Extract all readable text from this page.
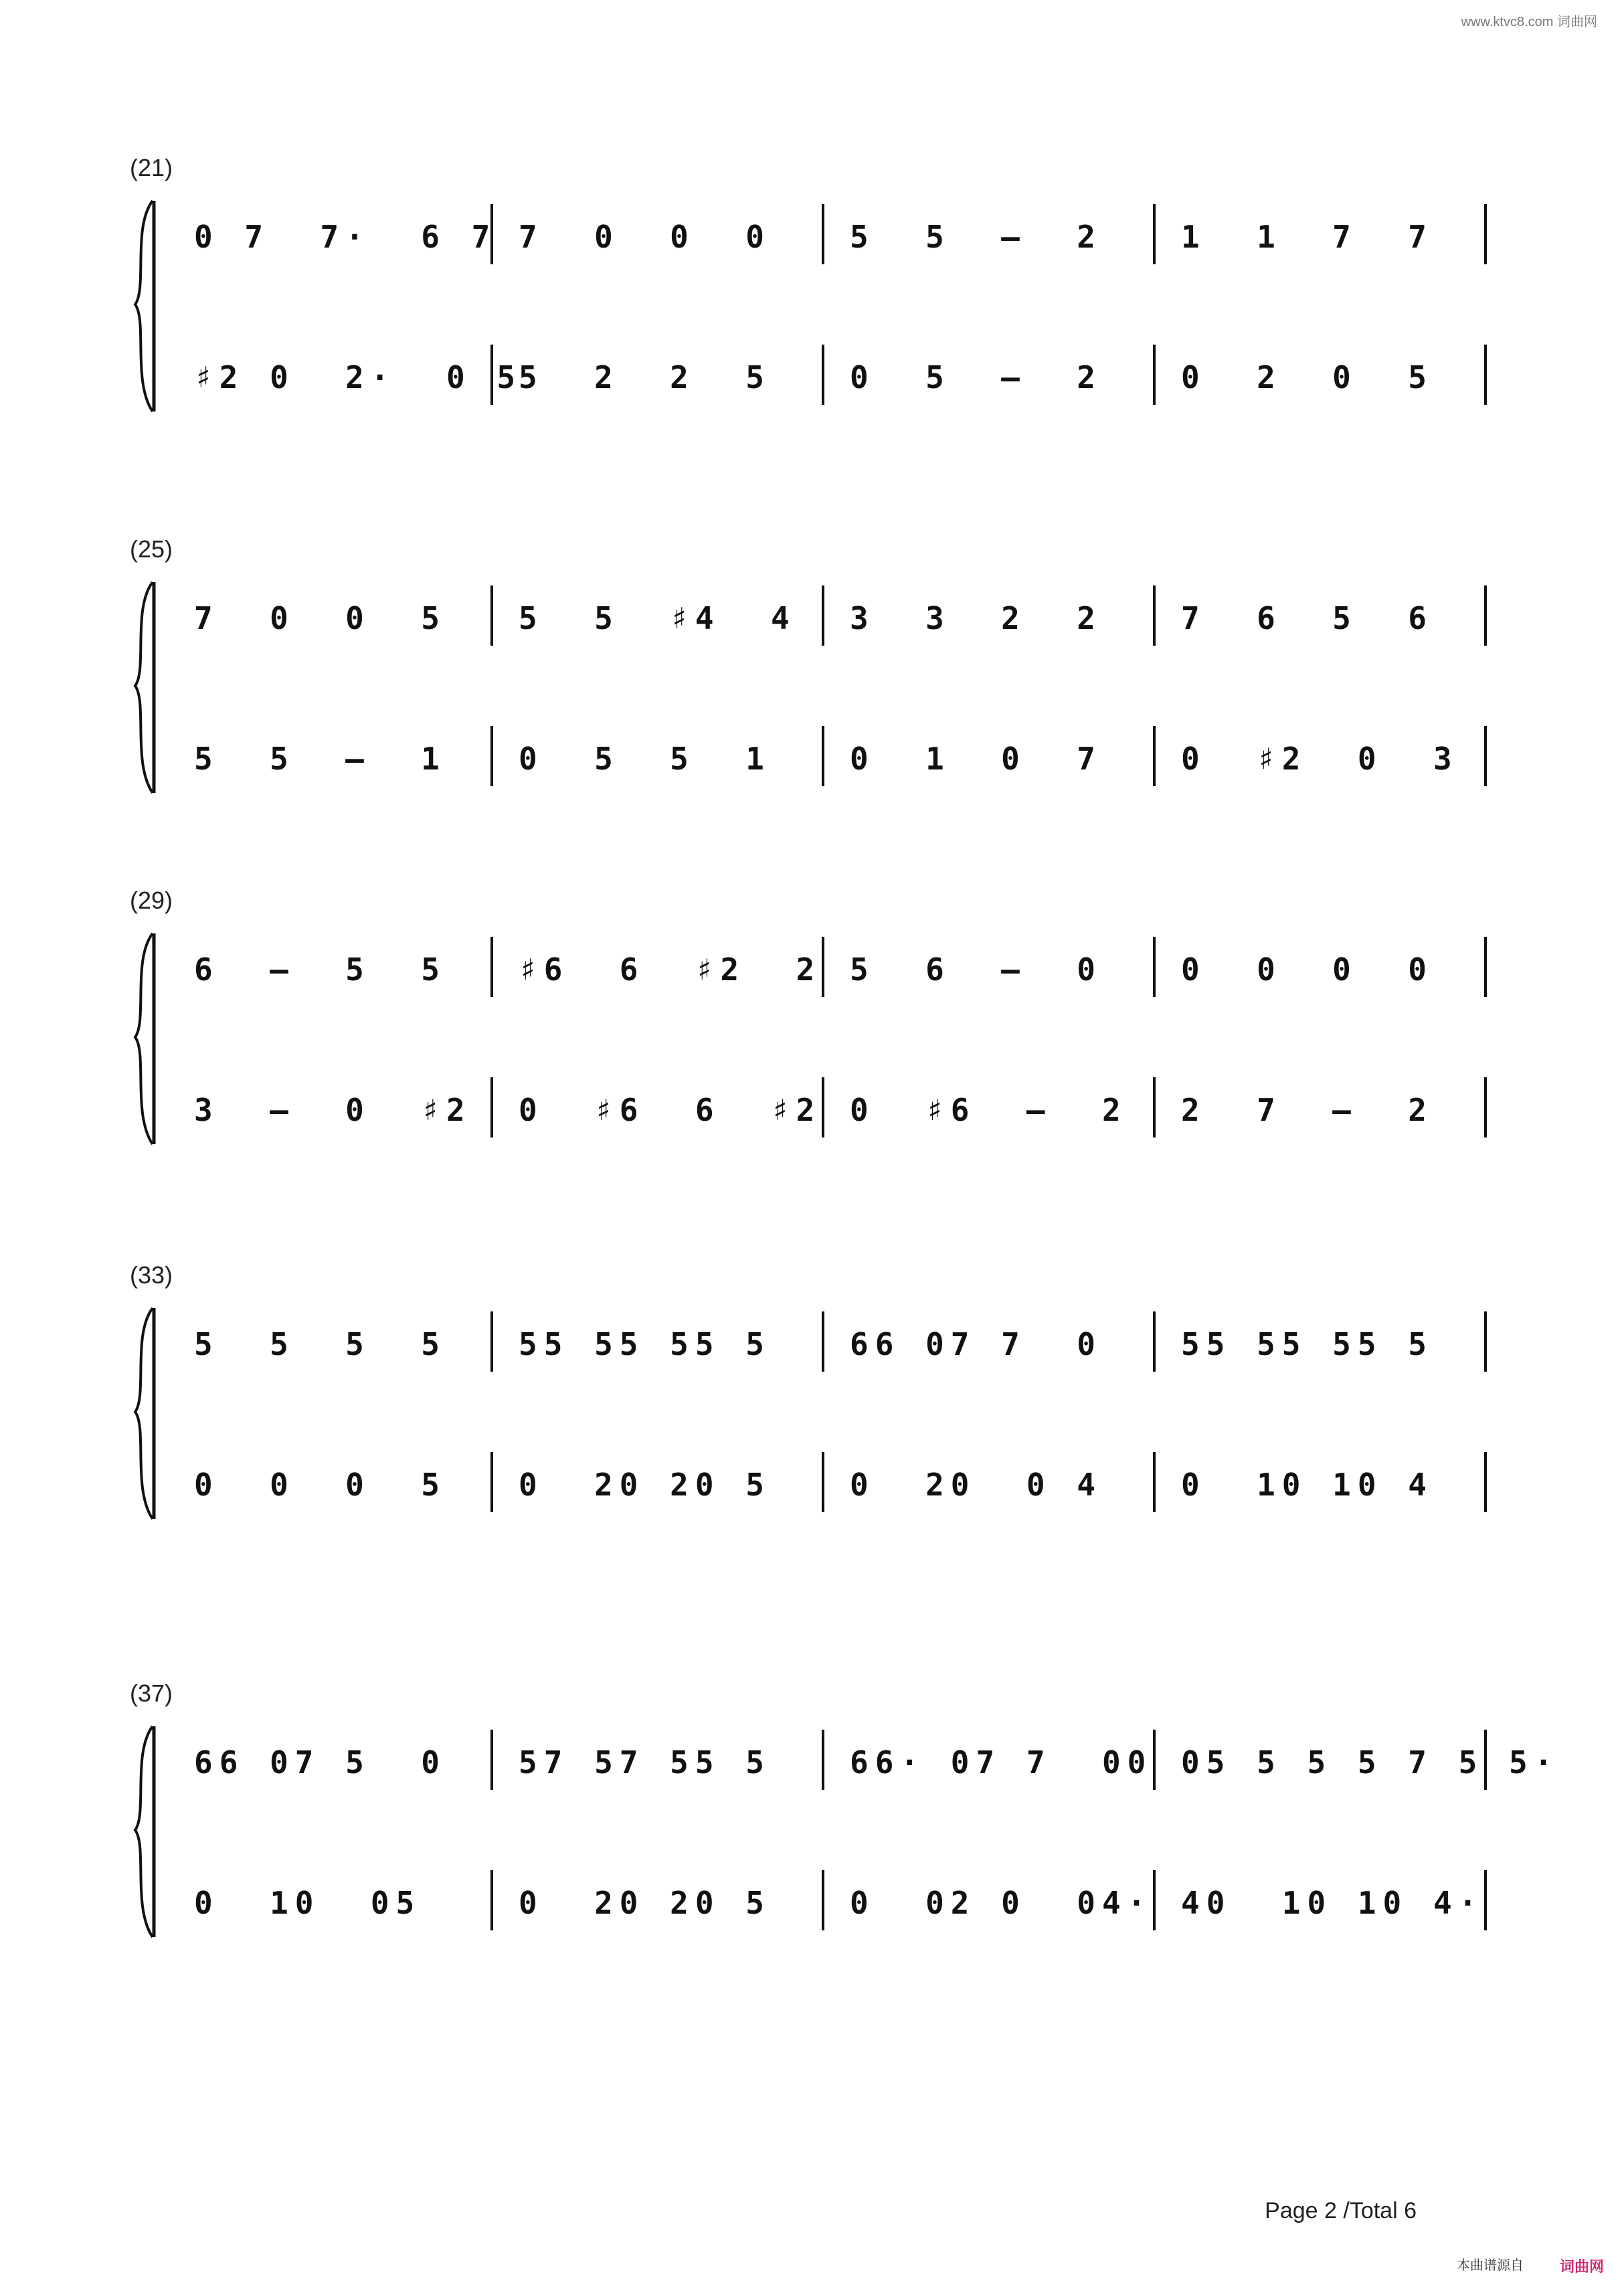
www.ktvc8.com 词曲网
(21)
0 7  7·  6 7 7  0  0  0	5  5  –  2	1  1  7  7
♯2 0  2·  0 5
5  2  2  5	0  5  –  2	0  2  0  5
(25)
7  0  0  5	5  5  ♯4  4	3  3  2  2	7  6  5  6
5  5  –  1	0  5  5  1	0  1  0  7	0  ♯2  0  3
(29)
6  –  5  5	♯6  6  ♯2  2 5  6  –  0	0  0  0  0
3  –  0  ♯2	0  ♯6  6  ♯2 0  ♯6  –  2	2  7  –  2
(33)
5  5  5  5	55 55 55 5	66 07 7  0	55 55 55 5
0  0  0  5	0  20 20 5	0  20  0 4	0  10 10 4
(37)
66 07 5  0	57 57 55 5	66· 07 7  00 05 5 5 5 7 5 5·
0  10  05	0  20 20 5	0  02 0  04· 40  10 10 4·
Page 2 /Total 6
本曲谱源自 词曲网
